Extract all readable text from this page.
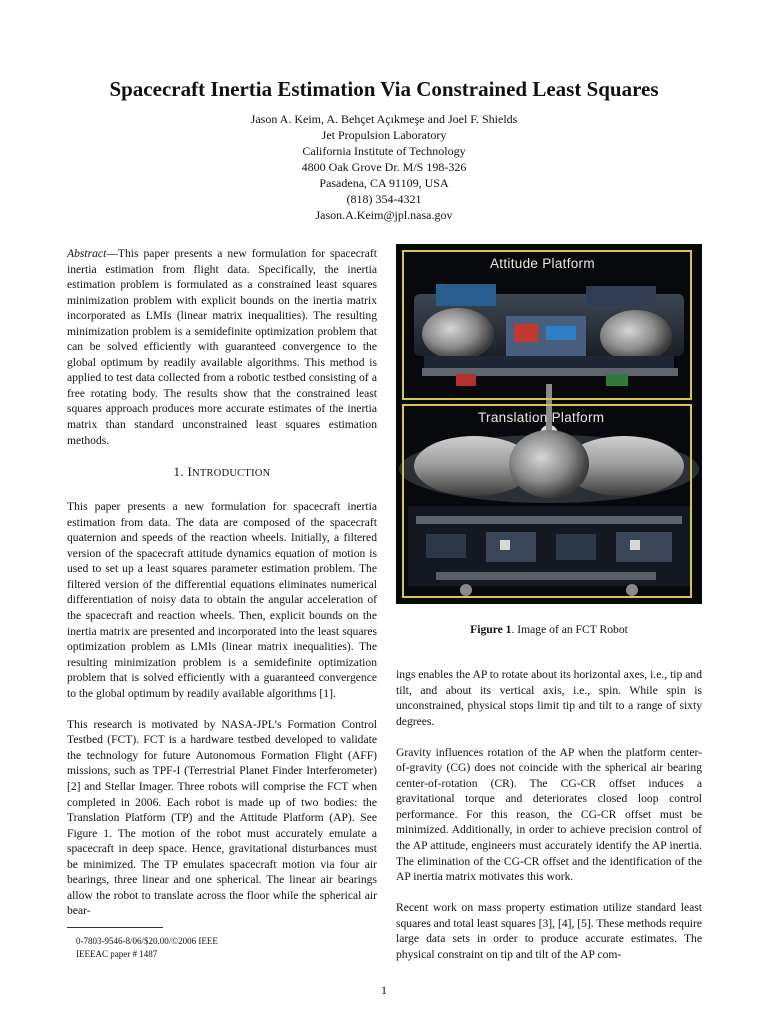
Spacecraft Inertia Estimation Via Constrained Least Squares
Jason A. Keim, A. Behçet Açıkmeşe and Joel F. Shields
Jet Propulsion Laboratory
California Institute of Technology
4800 Oak Grove Dr. M/S 198-326
Pasadena, CA 91109, USA
(818) 354-4321
Jason.A.Keim@jpl.nasa.gov

Abstract—This paper presents a new formulation for spacecraft inertia estimation from flight data. Specifically, the inertia estimation problem is formulated as a constrained least squares minimization problem with explicit bounds on the inertia matrix incorporated as LMIs (linear matrix inequalities). The resulting minimization problem is a semidefinite optimization problem that can be solved efficiently with guaranteed convergence to the global optimum by readily available algorithms. This method is applied to test data collected from a robotic testbed consisting of a free rotating body. The results show that the constrained least squares approach produces more accurate estimates of the inertia matrix than standard unconstrained least squares estimation methods.

1. INTRODUCTION

This paper presents a new formulation for spacecraft inertia estimation from data. The data are composed of the spacecraft quaternion and speeds of the reaction wheels. Initially, a filtered version of the spacecraft attitude dynamics equation of motion is used to set up a least squares parameter estimation problem. The filtered version of the differential equations eliminates numerical differentiation of noisy data to obtain the angular acceleration of the spacecraft and reaction wheels. Then, explicit bounds on the inertia matrix are presented and incorporated into the least squares optimization problem as LMIs (linear matrix inequalities). The resulting minimization problem is a semidefinite optimization problem that is solved efficiently with a guaranteed convergence to the global optimum by readily available algorithms [1].

This research is motivated by NASA-JPL’s Formation Control Testbed (FCT). FCT is a hardware testbed developed to validate the technology for future Autonomous Formation Flight (AFF) missions, such as TPF-I (Terrestrial Planet Finder Interferometer) [2] and Stellar Imager. Three robots will comprise the FCT when completed in 2006. Each robot is made up of two bodies: the Translation Platform (TP) and the Attitude Platform (AP). See Figure 1. The motion of the robot must accurately emulate a spacecraft in deep space. Hence, gravitational disturbances must be minimized. The TP emulates spacecraft motion via four air bearings, three linear and one spherical. The linear air bearings allow the robot to translate across the floor while the spherical air bear-

Attitude Platform
Translation Platform
Figure 1. Image of an FCT Robot

ings enables the AP to rotate about its horizontal axes, i.e., tip and tilt, and about its vertical axis, i.e., spin. While spin is unconstrained, physical stops limit tip and tilt to a range of sixty degrees.

Gravity influences rotation of the AP when the platform center-of-gravity (CG) does not coincide with the spherical air bearing center-of-rotation (CR). The CG-CR offset induces a gravitational torque and deteriorates closed loop control performance. For this reason, the CG-CR offset must be minimized. Additionally, in order to achieve precision control of the AP attitude, engineers must accurately identify the AP inertia. The elimination of the CG-CR offset and the identification of the AP inertia matrix motivates this work.

Recent work on mass property estimation utilize standard least squares and total least squares [3], [4], [5]. These methods require large data sets in order to produce accurate estimates. The physical constraint on tip and tilt of the AP com-

0-7803-9546-8/06/$20.00/©2006 IEEE
IEEEAC paper # 1487
1
